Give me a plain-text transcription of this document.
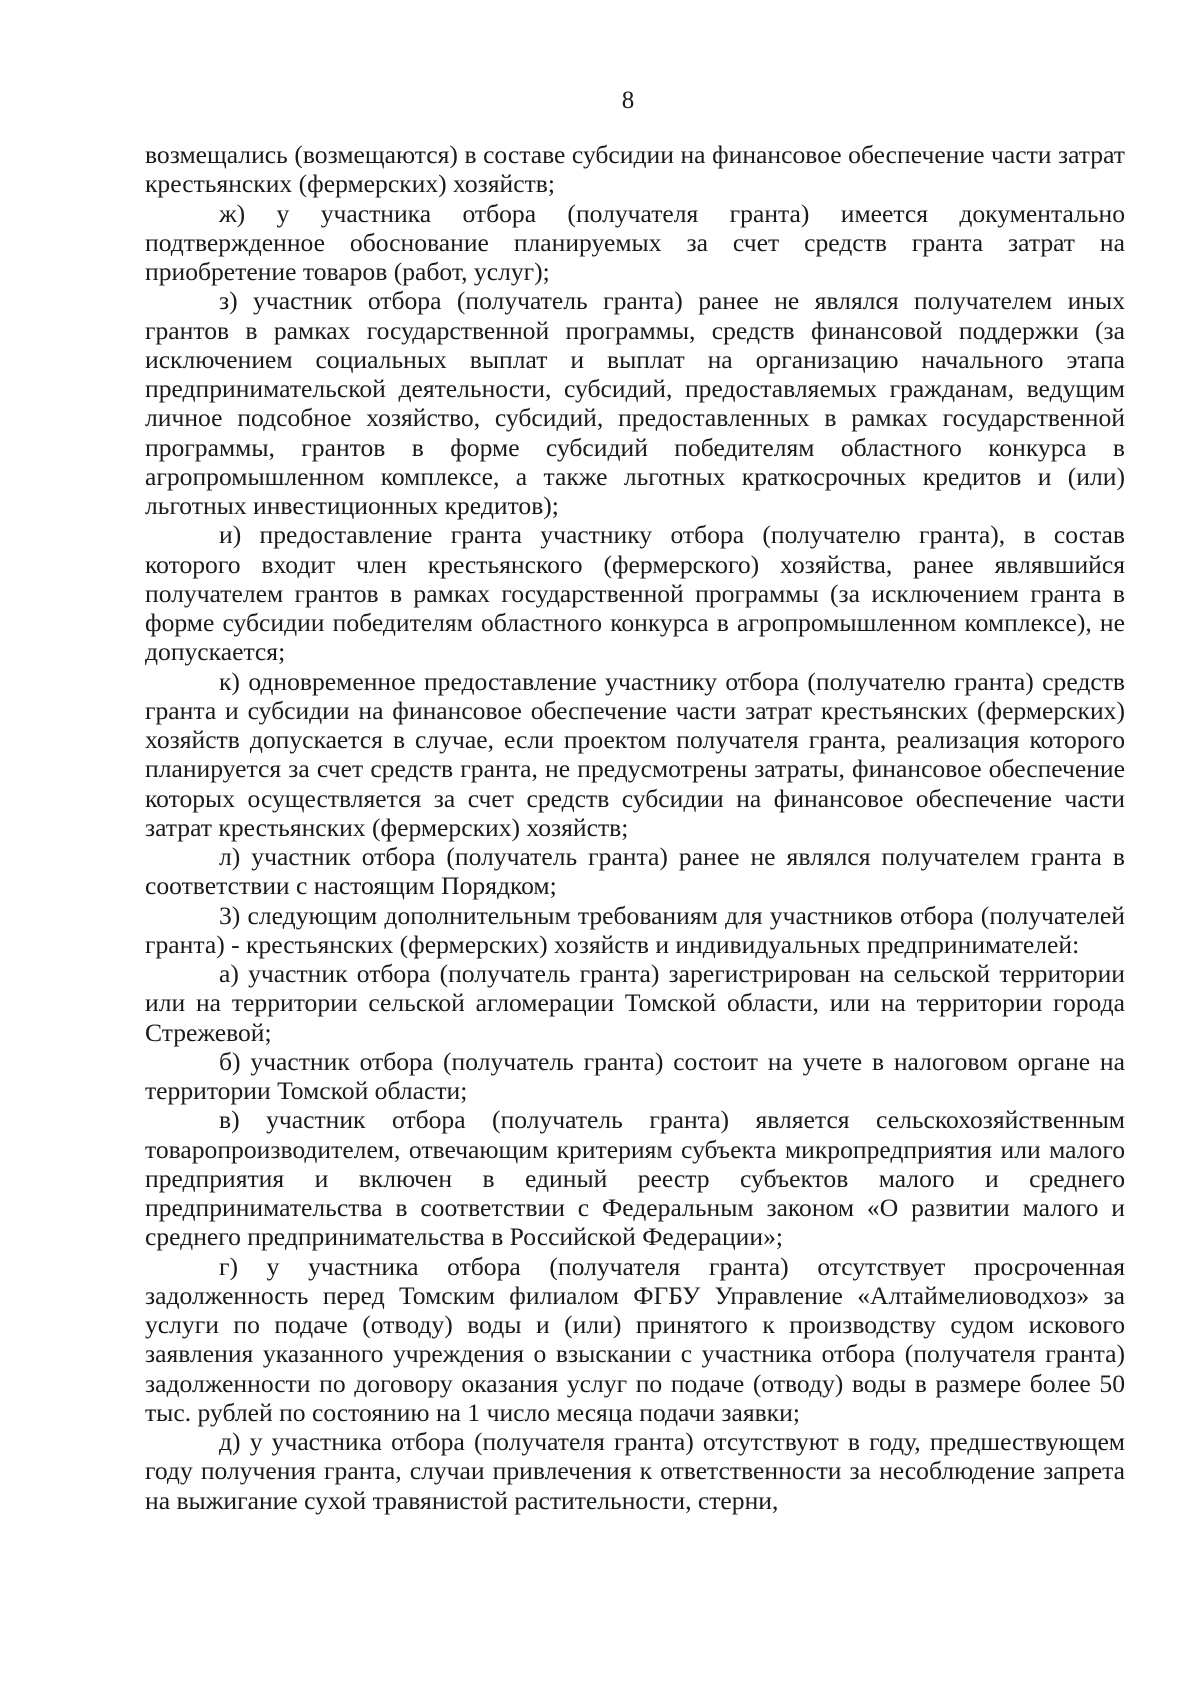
8

возмещались (возмещаются) в составе субсидии на финансовое обеспечение части затрат крестьянских (фермерских) хозяйств;

ж) у участника отбора (получателя гранта) имеется документально подтвержденное обоснование планируемых за счет средств гранта затрат на приобретение товаров (работ, услуг);

з) участник отбора (получатель гранта) ранее не являлся получателем иных грантов в рамках государственной программы, средств финансовой поддержки (за исключением социальных выплат и выплат на организацию начального этапа предпринимательской деятельности, субсидий, предоставляемых гражданам, ведущим личное подсобное хозяйство, субсидий, предоставленных в рамках государственной программы, грантов в форме субсидий победителям областного конкурса в агропромышленном комплексе, а также льготных краткосрочных кредитов и (или) льготных инвестиционных кредитов);

и) предоставление гранта участнику отбора (получателю гранта), в состав которого входит член крестьянского (фермерского) хозяйства, ранее являвшийся получателем грантов в рамках государственной программы (за исключением гранта в форме субсидии победителям областного конкурса в агропромышленном комплексе), не допускается;

к) одновременное предоставление участнику отбора (получателю гранта) средств гранта и субсидии на финансовое обеспечение части затрат крестьянских (фермерских) хозяйств допускается в случае, если проектом получателя гранта, реализация которого планируется за счет средств гранта, не предусмотрены затраты, финансовое обеспечение которых осуществляется за счет средств субсидии на финансовое обеспечение части затрат крестьянских (фермерских) хозяйств;

л) участник отбора (получатель гранта) ранее не являлся получателем гранта в соответствии с настоящим Порядком;

3) следующим дополнительным требованиям для участников отбора (получателей гранта) - крестьянских (фермерских) хозяйств и индивидуальных предпринимателей:

а) участник отбора (получатель гранта) зарегистрирован на сельской территории или на территории сельской агломерации Томской области, или на территории города Стрежевой;

б) участник отбора (получатель гранта) состоит на учете в налоговом органе на территории Томской области;

в) участник отбора (получатель гранта) является сельскохозяйственным товаропроизводителем, отвечающим критериям субъекта микропредприятия или малого предприятия и включен в единый реестр субъектов малого и среднего предпринимательства в соответствии с Федеральным законом «О развитии малого и среднего предпринимательства в Российской Федерации»;

г) у участника отбора (получателя гранта) отсутствует просроченная задолженность перед Томским филиалом ФГБУ Управление «Алтаймелиоводхоз» за услуги по подаче (отводу) воды и (или) принятого к производству судом искового заявления указанного учреждения о взыскании с участника отбора (получателя гранта) задолженности по договору оказания услуг по подаче (отводу) воды в размере более 50 тыс. рублей по состоянию на 1 число месяца подачи заявки;

д) у участника отбора (получателя гранта) отсутствуют в году, предшествующем году получения гранта, случаи привлечения к ответственности за несоблюдение запрета на выжигание сухой травянистой растительности, стерни,
